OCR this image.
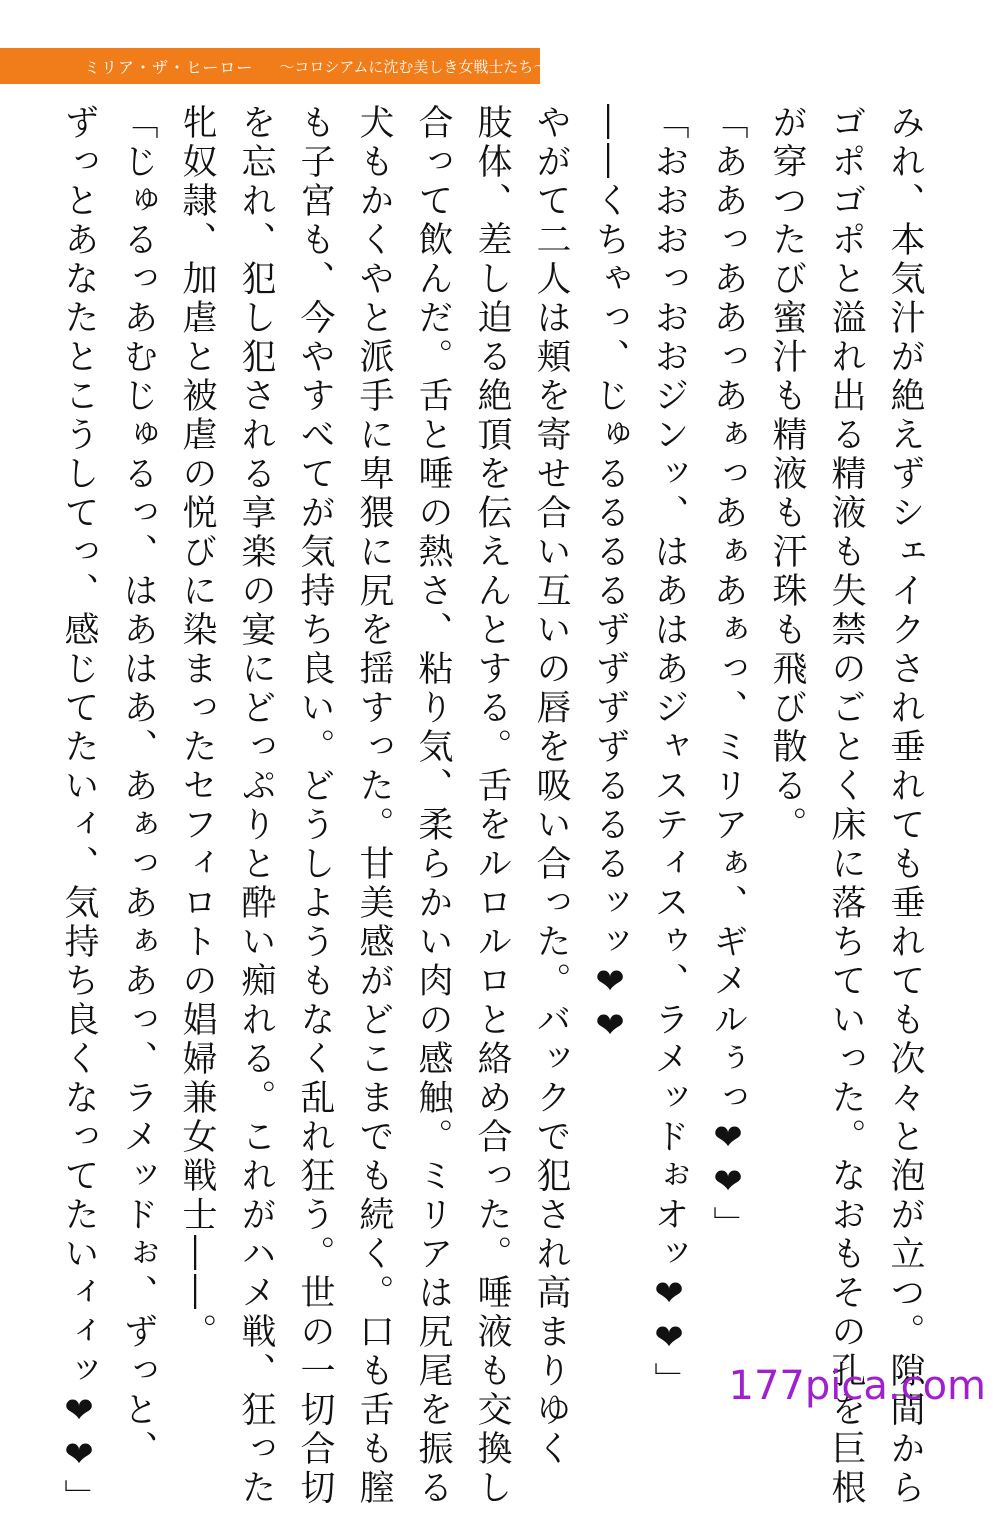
ミリア・ザ・ヒーロー 〜コロシアムに沈む美しき女戦士たち〜
みれ、本気汁が絶えずシェイクされ垂れても垂れても次々と泡が立つ。隙間から
ゴポゴポと溢れ出る精液も失禁のごとく床に落ちていった。なおもその孔を巨根
が穿つたび蜜汁も精液も汗珠も飛び散る。
「ああっああっあぁっあぁあぁっ、ミリアぁ、ギメルぅっ❤❤」
「おおおっおおジンッ、はあはあジャスティスゥ、ラメッドぉオッ❤❤」
――くちゃっ、じゅるるるるずずずずるるるッッ❤❤
やがて二人は頬を寄せ合い互いの唇を吸い合った。バックで犯され高まりゆく
肢体、差し迫る絶頂を伝えんとする。舌をルロルロと絡め合った。唾液も交換し
合って飲んだ。舌と唾の熱さ、粘り気、柔らかい肉の感触。ミリアは尻尾を振る
犬もかくやと派手に卑猥に尻を揺すった。甘美感がどこまでも続く。口も舌も膣
も子宮も、今やすべてが気持ち良い。どうしようもなく乱れ狂う。世の一切合切
を忘れ、犯し犯される享楽の宴にどっぷりと酔い痴れる。これがハメ戦、狂った
牝奴隷、加虐と被虐の悦びに染まったセフィロトの娼婦兼女戦士――。
「じゅるっあむじゅるっ、はあはあ、あぁっあぁあっ、ラメッドぉ、ずっと、
ずっとあなたとこうしてっ、感じてたいィ、気持ち良くなってたいィィッ❤❤」	177pica.com
